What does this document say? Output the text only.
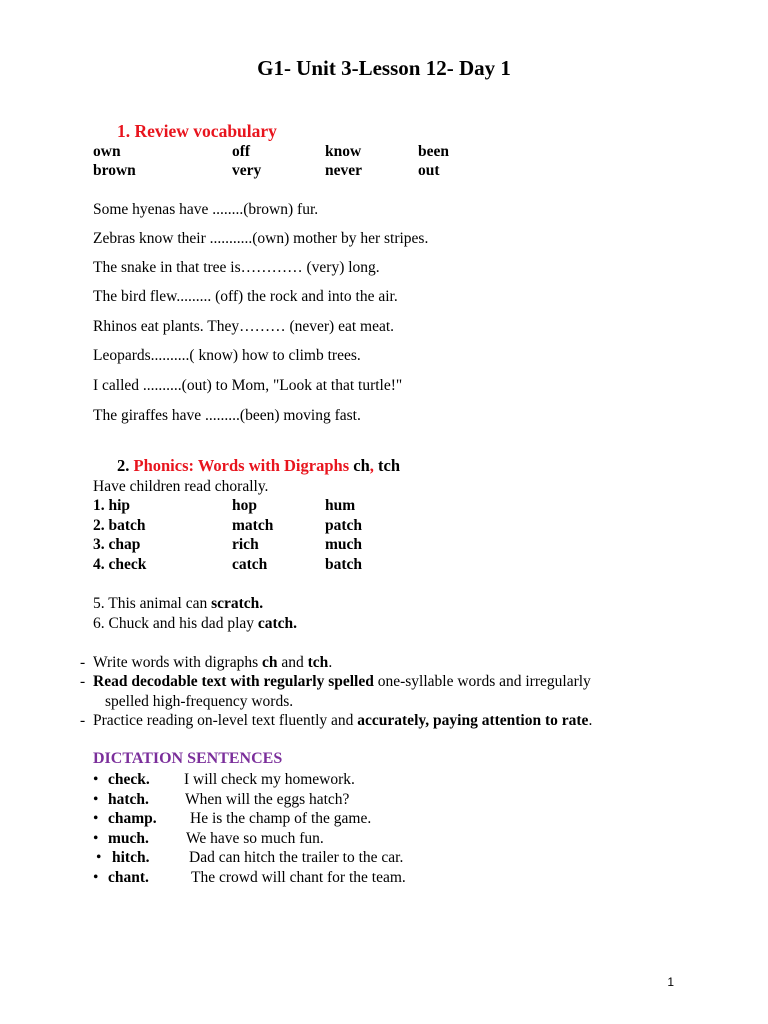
G1- Unit 3-Lesson 12- Day 1
1. Review vocabulary
own	off	know	been
brown	very	never	out
Some hyenas have ........(brown) fur.
Zebras know their ...........(own) mother by her stripes.
The snake in that tree is………… (very) long.
The bird flew......... (off) the rock and into the air.
Rhinos eat plants. They……… (never) eat meat.
Leopards..........( know) how to climb trees.
I called ..........(out) to Mom, "Look at that turtle!"
The giraffes have .........(been) moving fast.
2. Phonics: Words with Digraphs ch, tch
Have children read chorally.
1. hip	hop	hum
2. batch	match	patch
3. chap	rich	much
4. check	catch	batch
5. This animal can scratch.
6. Chuck and his dad play catch.
- Write words with digraphs ch and tch.
- Read decodable text with regularly spelled one-syllable words and irregularly
spelled high-frequency words.
- Practice reading on-level text fluently and accurately, paying attention to rate.
DICTATION SENTENCES
• check. I will check my homework.
• hatch. When will the eggs hatch?
• champ. He is the champ of the game.
• much. We have so much fun.
• hitch.	Dad can hitch the trailer to the car.
• chant.	The crowd will chant for the team.
1
